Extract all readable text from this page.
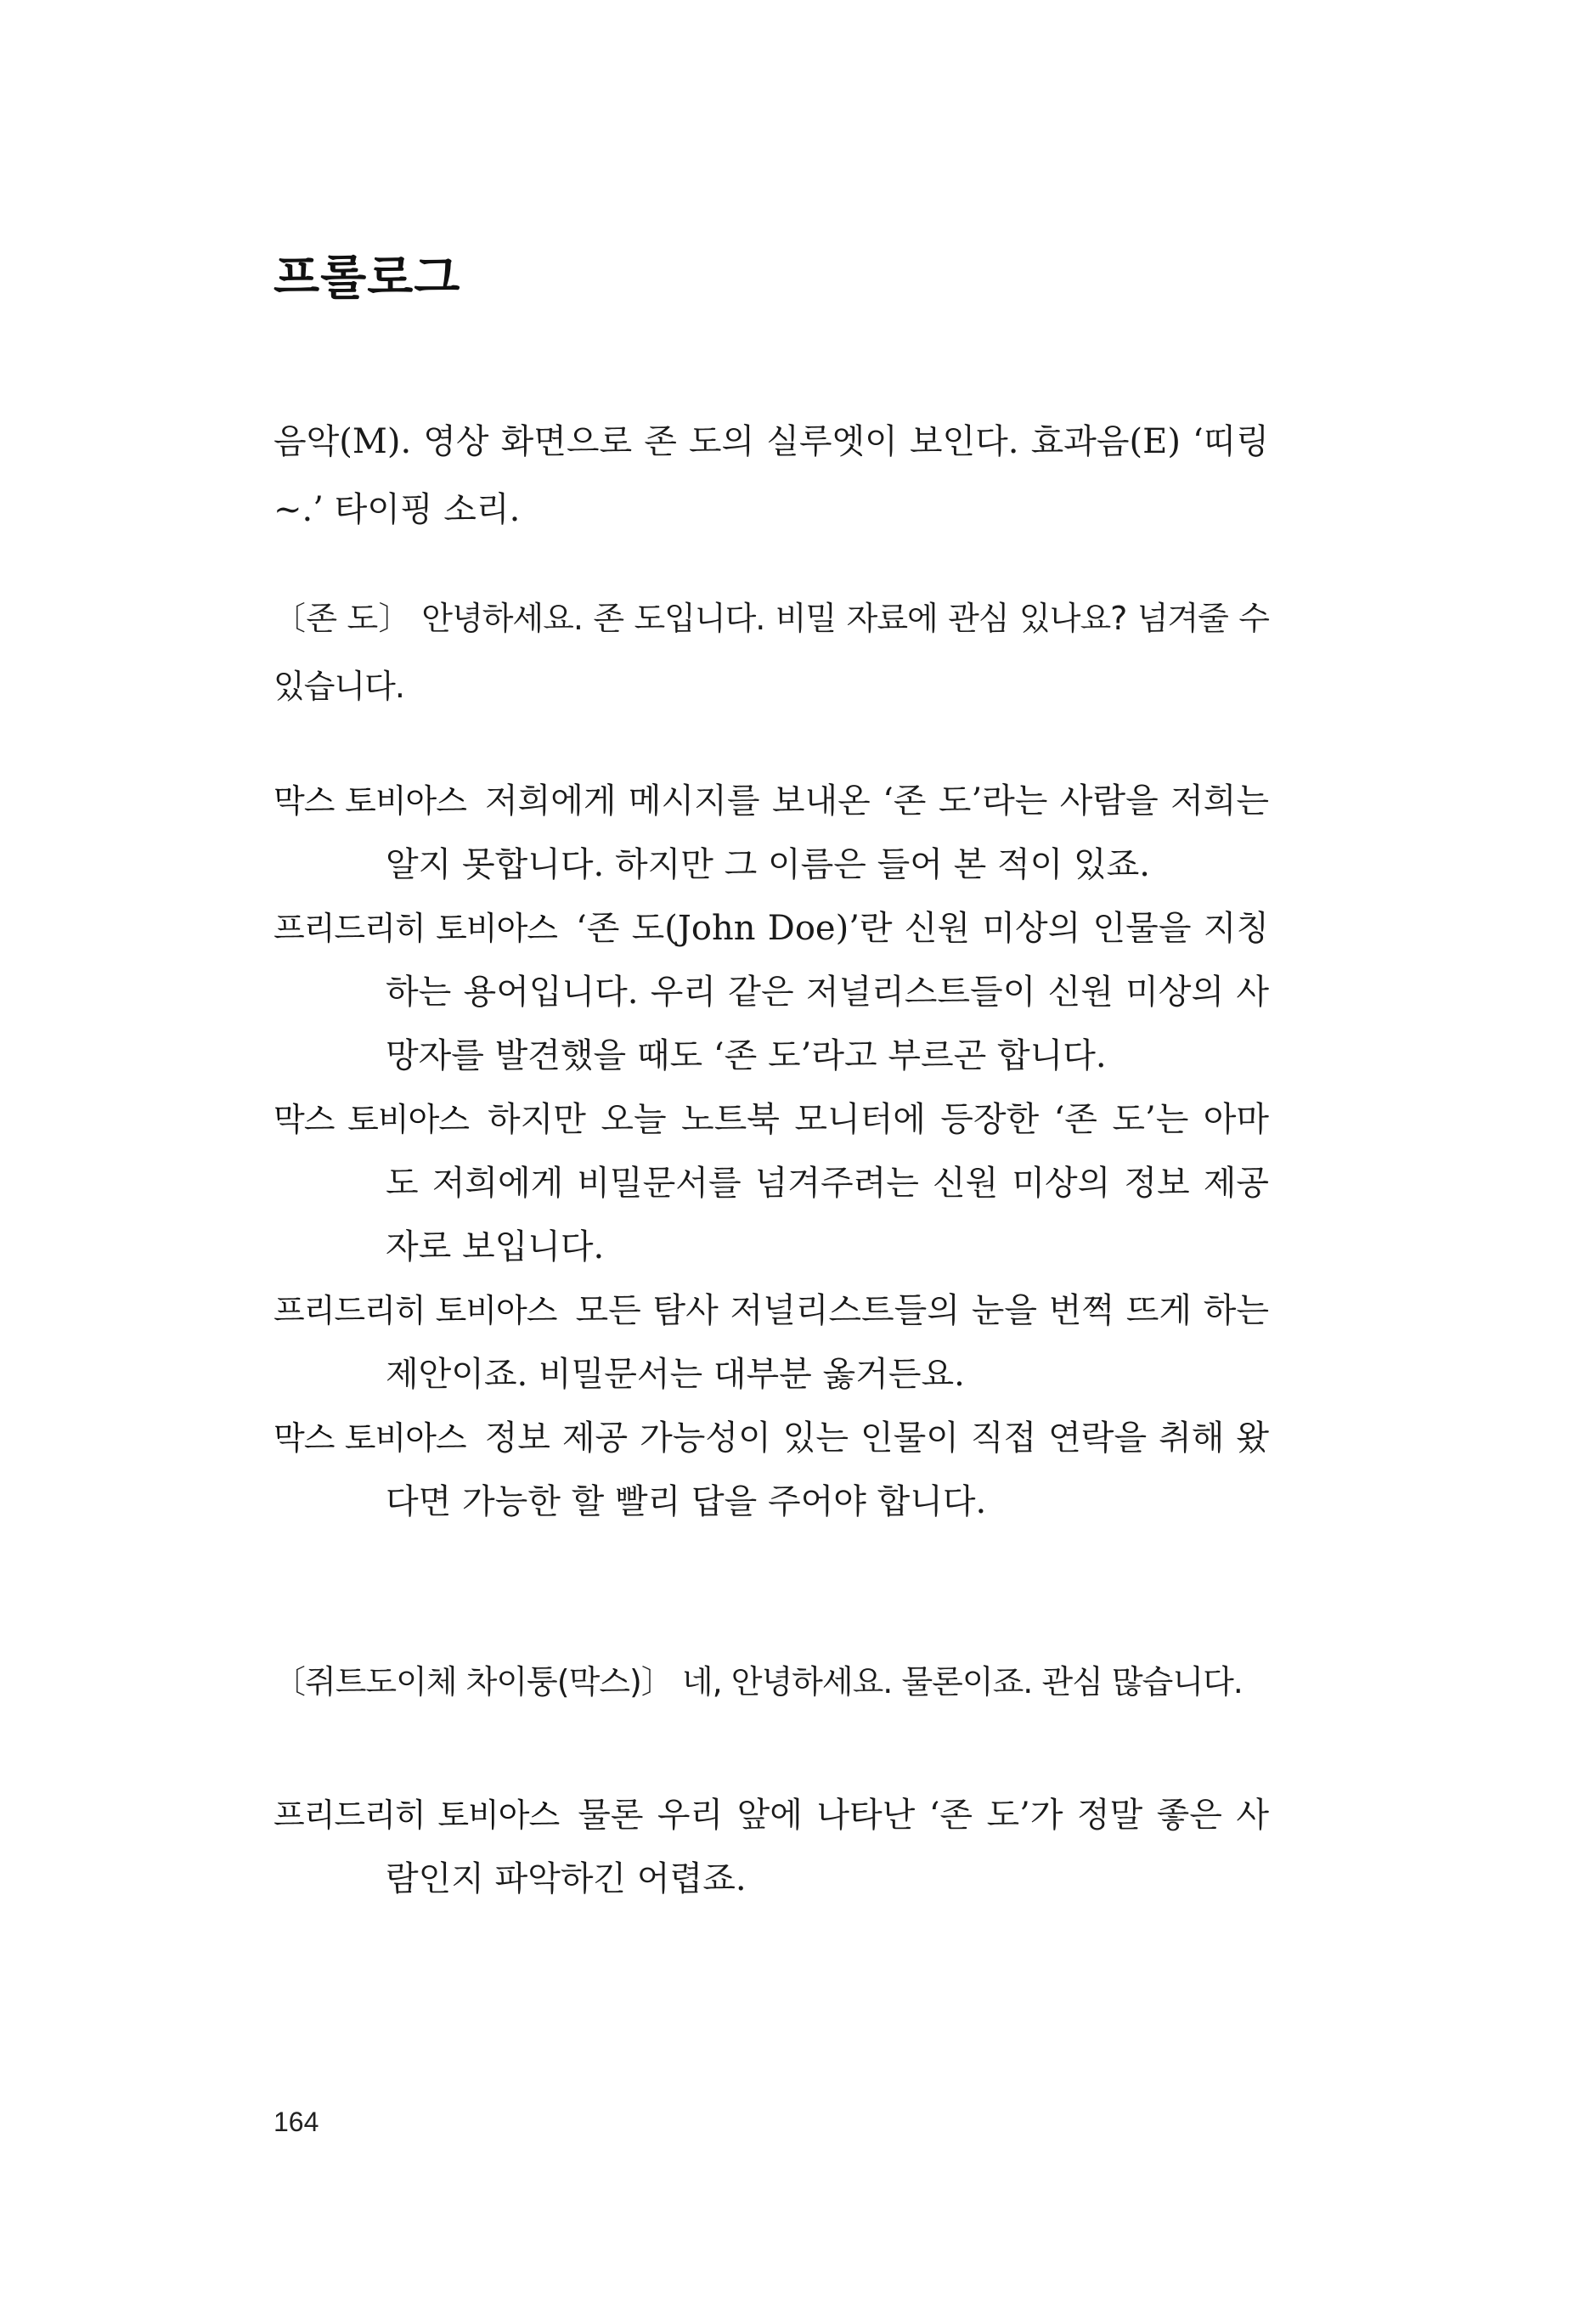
프롤로그

음악(M). 영상 화면으로 존 도의 실루엣이 보인다. 효과음(E) ‘띠링~.’ 타이핑 소리.

〔존 도〕 안녕하세요. 존 도입니다. 비밀 자료에 관심 있나요? 넘겨줄 수 있습니다.

막스 토비아스 저희에게 메시지를 보내온 ‘존 도’라는 사람을 저희는 알지 못합니다. 하지만 그 이름은 들어 본 적이 있죠.

프리드리히 토비아스 ‘존 도(John Doe)’란 신원 미상의 인물을 지칭하는 용어입니다. 우리 같은 저널리스트들이 신원 미상의 사망자를 발견했을 때도 ‘존 도’라고 부르곤 합니다.

막스 토비아스 하지만 오늘 노트북 모니터에 등장한 ‘존 도’는 아마도 저희에게 비밀문서를 넘겨주려는 신원 미상의 정보 제공자로 보입니다.

프리드리히 토비아스 모든 탐사 저널리스트들의 눈을 번쩍 뜨게 하는 제안이죠. 비밀문서는 대부분 옳거든요.

막스 토비아스 정보 제공 가능성이 있는 인물이 직접 연락을 취해 왔다면 가능한 할 빨리 답을 주어야 합니다.

〔쥐트도이체 차이퉁(막스)〕 네, 안녕하세요. 물론이죠. 관심 많습니다.

프리드리히 토비아스 물론 우리 앞에 나타난 ‘존 도’가 정말 좋은 사람인지 파악하긴 어렵죠.

164
